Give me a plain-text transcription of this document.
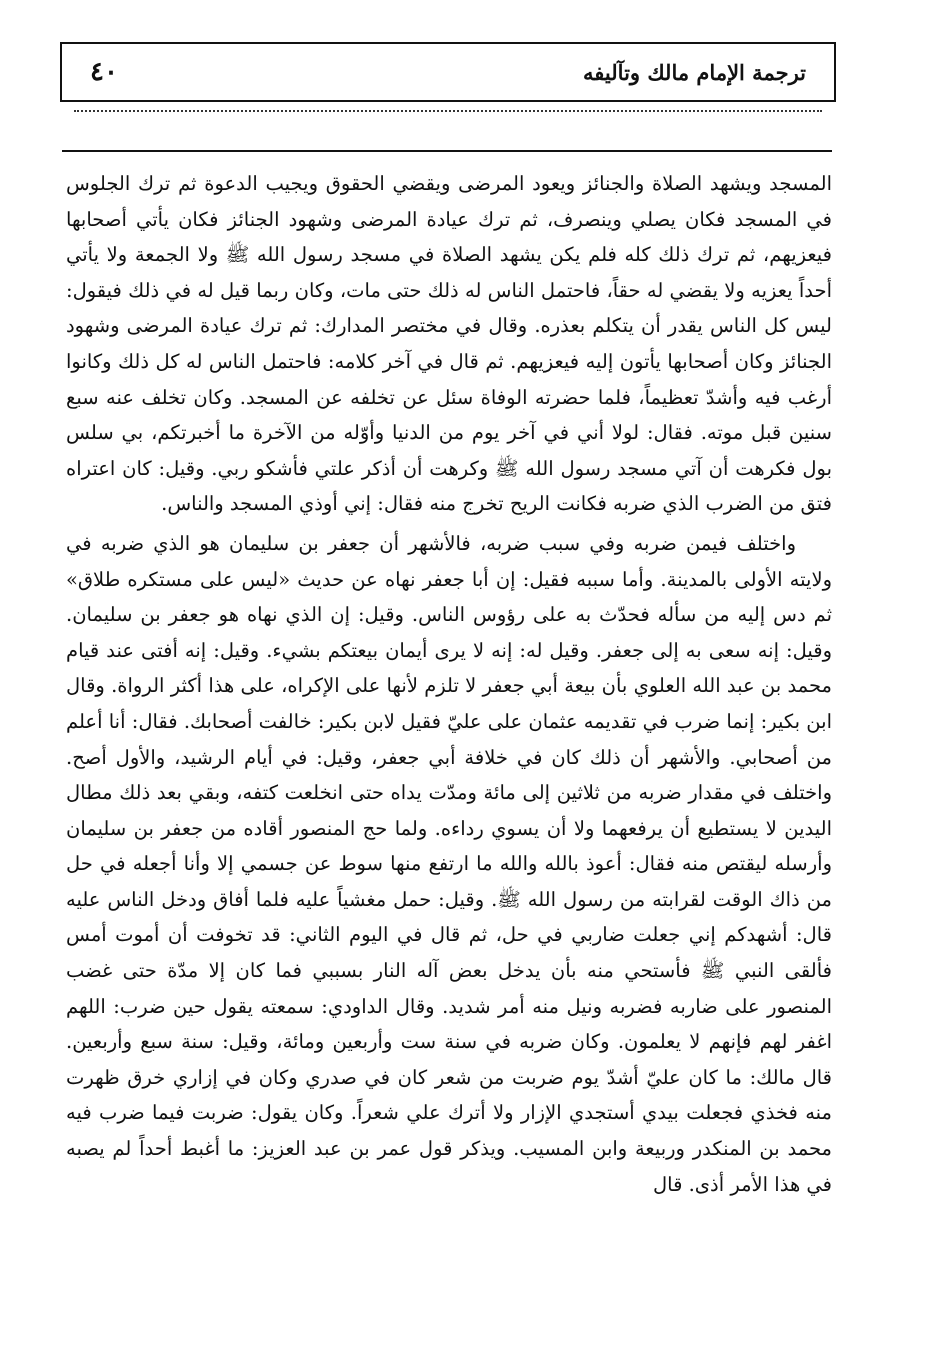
٤٠	ترجمة الإمام مالك وتآليفه

المسجد ويشهد الصلاة والجنائز ويعود المرضى ويقضي الحقوق ويجيب الدعوة ثم ترك الجلوس في المسجد فكان يصلي وينصرف، ثم ترك عيادة المرضى وشهود الجنائز فكان يأتي أصحابها فيعزيهم، ثم ترك ذلك كله فلم يكن يشهد الصلاة في مسجد رسول الله ﷺ ولا الجمعة ولا يأتي أحداً يعزيه ولا يقضي له حقاً، فاحتمل الناس له ذلك حتى مات، وكان ربما قيل له في ذلك فيقول: ليس كل الناس يقدر أن يتكلم بعذره. وقال في مختصر المدارك: ثم ترك عيادة المرضى وشهود الجنائز وكان أصحابها يأتون إليه فيعزيهم. ثم قال في آخر كلامه: فاحتمل الناس له كل ذلك وكانوا أرغب فيه وأشدّ تعظيماً، فلما حضرته الوفاة سئل عن تخلفه عن المسجد. وكان تخلف عنه سبع سنين قبل موته. فقال: لولا أني في آخر يوم من الدنيا وأوّله من الآخرة ما أخبرتكم، بي سلس بول فكرهت أن آتي مسجد رسول الله ﷺ وكرهت أن أذكر علتي فأشكو ربي. وقيل: كان اعتراه فتق من الضرب الذي ضربه فكانت الريح تخرج منه فقال: إني أوذي المسجد والناس.

واختلف فيمن ضربه وفي سبب ضربه، فالأشهر أن جعفر بن سليمان هو الذي ضربه في ولايته الأولى بالمدينة. وأما سببه فقيل: إن أبا جعفر نهاه عن حديث «ليس على مستكره طلاق» ثم دس إليه من سأله فحدّث به على رؤوس الناس. وقيل: إن الذي نهاه هو جعفر بن سليمان. وقيل: إنه سعى به إلى جعفر. وقيل له: إنه لا يرى أيمان بيعتكم بشيء. وقيل: إنه أفتى عند قيام محمد بن عبد الله العلوي بأن بيعة أبي جعفر لا تلزم لأنها على الإكراه، على هذا أكثر الرواة. وقال ابن بكير: إنما ضرب في تقديمه عثمان على عليّ فقيل لابن بكير: خالفت أصحابك. فقال: أنا أعلم من أصحابي. والأشهر أن ذلك كان في خلافة أبي جعفر، وقيل: في أيام الرشيد، والأول أصح. واختلف في مقدار ضربه من ثلاثين إلى مائة ومدّت يداه حتى انخلعت كتفه، وبقي بعد ذلك مطال اليدين لا يستطيع أن يرفعهما ولا أن يسوي رداءه. ولما حج المنصور أقاده من جعفر بن سليمان وأرسله ليقتص منه فقال: أعوذ بالله والله ما ارتفع منها سوط عن جسمي إلا وأنا أجعله في حل من ذاك الوقت لقرابته من رسول الله ﷺ. وقيل: حمل مغشياً عليه فلما أفاق ودخل الناس عليه قال: أشهدكم إني جعلت ضاربي في حل، ثم قال في اليوم الثاني: قد تخوفت أن أموت أمس فألقى النبي ﷺ فأستحي منه بأن يدخل بعض آله النار بسببي فما كان إلا مدّة حتى غضب المنصور على ضاربه فضربه ونيل منه أمر شديد. وقال الداودي: سمعته يقول حين ضرب: اللهم اغفر لهم فإنهم لا يعلمون. وكان ضربه في سنة ست وأربعين ومائة، وقيل: سنة سبع وأربعين. قال مالك: ما كان عليّ أشدّ يوم ضربت من شعر كان في صدري وكان في إزاري خرق ظهرت منه فخذي فجعلت بيدي أستجدي الإزار ولا أترك علي شعراً. وكان يقول: ضربت فيما ضرب فيه محمد بن المنكدر وربيعة وابن المسيب. ويذكر قول عمر بن عبد العزيز: ما أغبط أحداً لم يصبه في هذا الأمر أذى. قال
